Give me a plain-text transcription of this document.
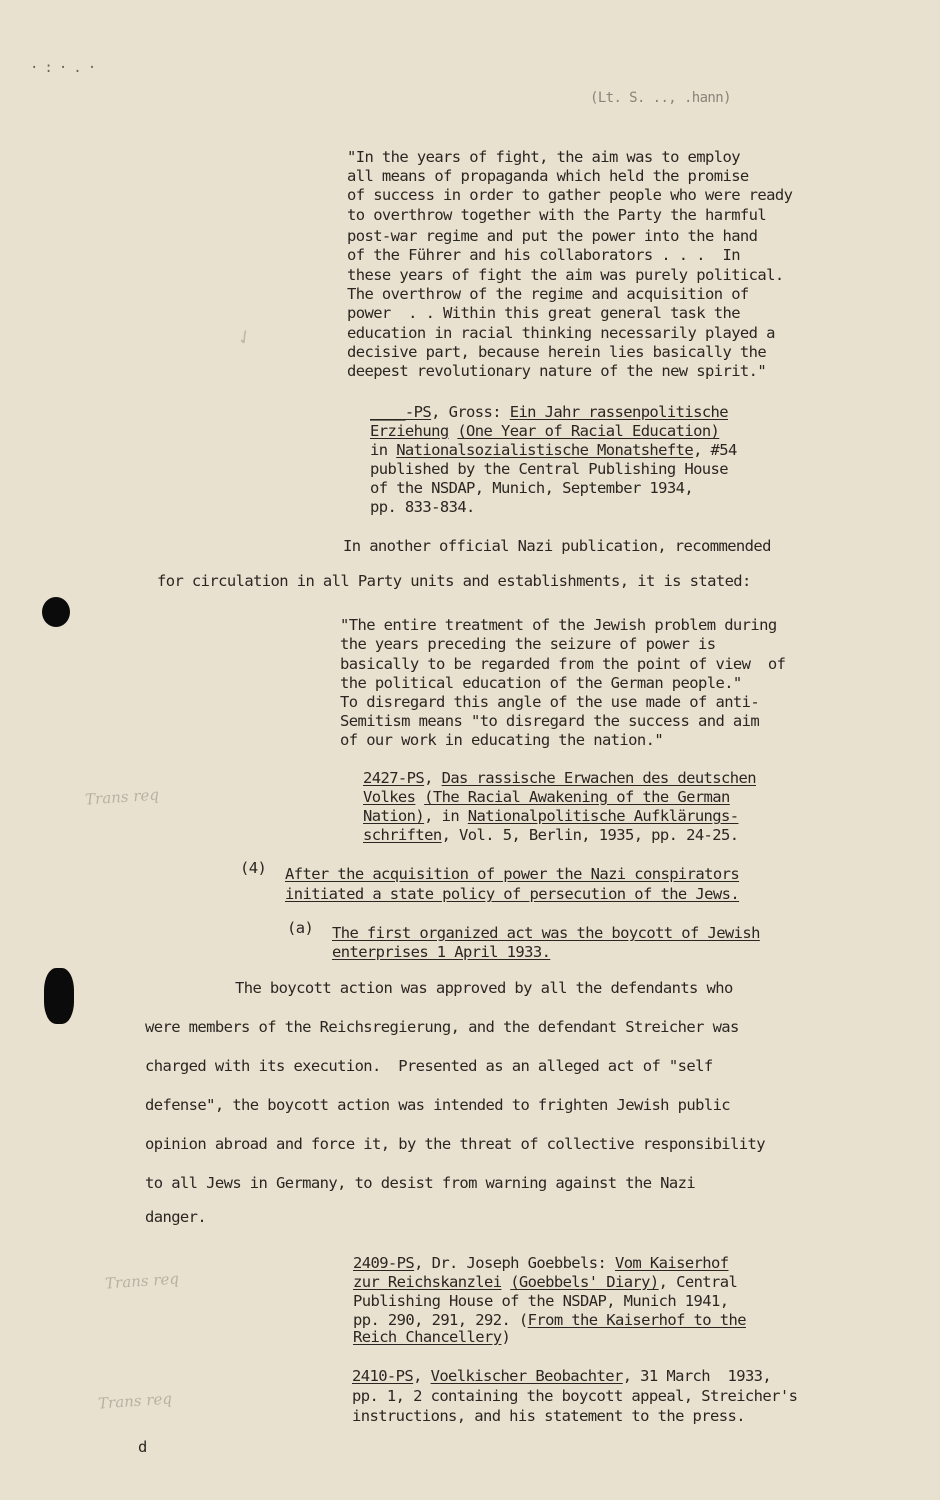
·:·.·
(Lt. S. .., .hann)
"In the years of fight, the aim was to employ
all means of propaganda which held the promise
of success in order to gather people who were ready
to overthrow together with the Party the harmful
post-war regime and put the power into the hand
of the Führer and his collaborators . . .  In
these years of fight the aim was purely political.
The overthrow of the regime and acquisition of
power  . . Within this great general task the
education in racial thinking necessarily played a
decisive part, because herein lies basically the
deepest revolutionary nature of the new spirit."
✓
____-PS, Gross: Ein Jahr rassenpolitische
Erziehung (One Year of Racial Education)
in Nationalsozialistische Monatshefte, #54
published by the Central Publishing House
of the NSDAP, Munich, September 1934,
pp. 833-834.
In another official Nazi publication, recommended
for circulation in all Party units and establishments, it is stated:
"The entire treatment of the Jewish problem during
the years preceding the seizure of power is
basically to be regarded from the point of view  of
the political education of the German people."
To disregard this angle of the use made of anti-
Semitism means "to disregard the success and aim
of our work in educating the nation."
2427-PS, Das rassische Erwachen des deutschen
Volkes (The Racial Awakening of the German
Nation), in Nationalpolitische Aufklärungs-
schriften, Vol. 5, Berlin, 1935, pp. 24-25.
Trans req
(4) After the acquisition of power the Nazi conspirators
initiated a state policy of persecution of the Jews.
(a) The first organized act was the boycott of Jewish
enterprises 1 April 1933.
The boycott action was approved by all the defendants who
were members of the Reichsregierung, and the defendant Streicher was
charged with its execution.  Presented as an alleged act of "self
defense", the boycott action was intended to frighten Jewish public
opinion abroad and force it, by the threat of collective responsibility
to all Jews in Germany, to desist from warning against the Nazi
danger.
2409-PS, Dr. Joseph Goebbels: Vom Kaiserhof
zur Reichskanzlei (Goebbels' Diary), Central
Publishing House of the NSDAP, Munich 1941,
pp. 290, 291, 292. (From the Kaiserhof to the
Reich Chancellery)
Trans req
2410-PS, Voelkischer Beobachter, 31 March  1933,
pp. 1, 2 containing the boycott appeal, Streicher's
instructions, and his statement to the press.
Trans req
d
